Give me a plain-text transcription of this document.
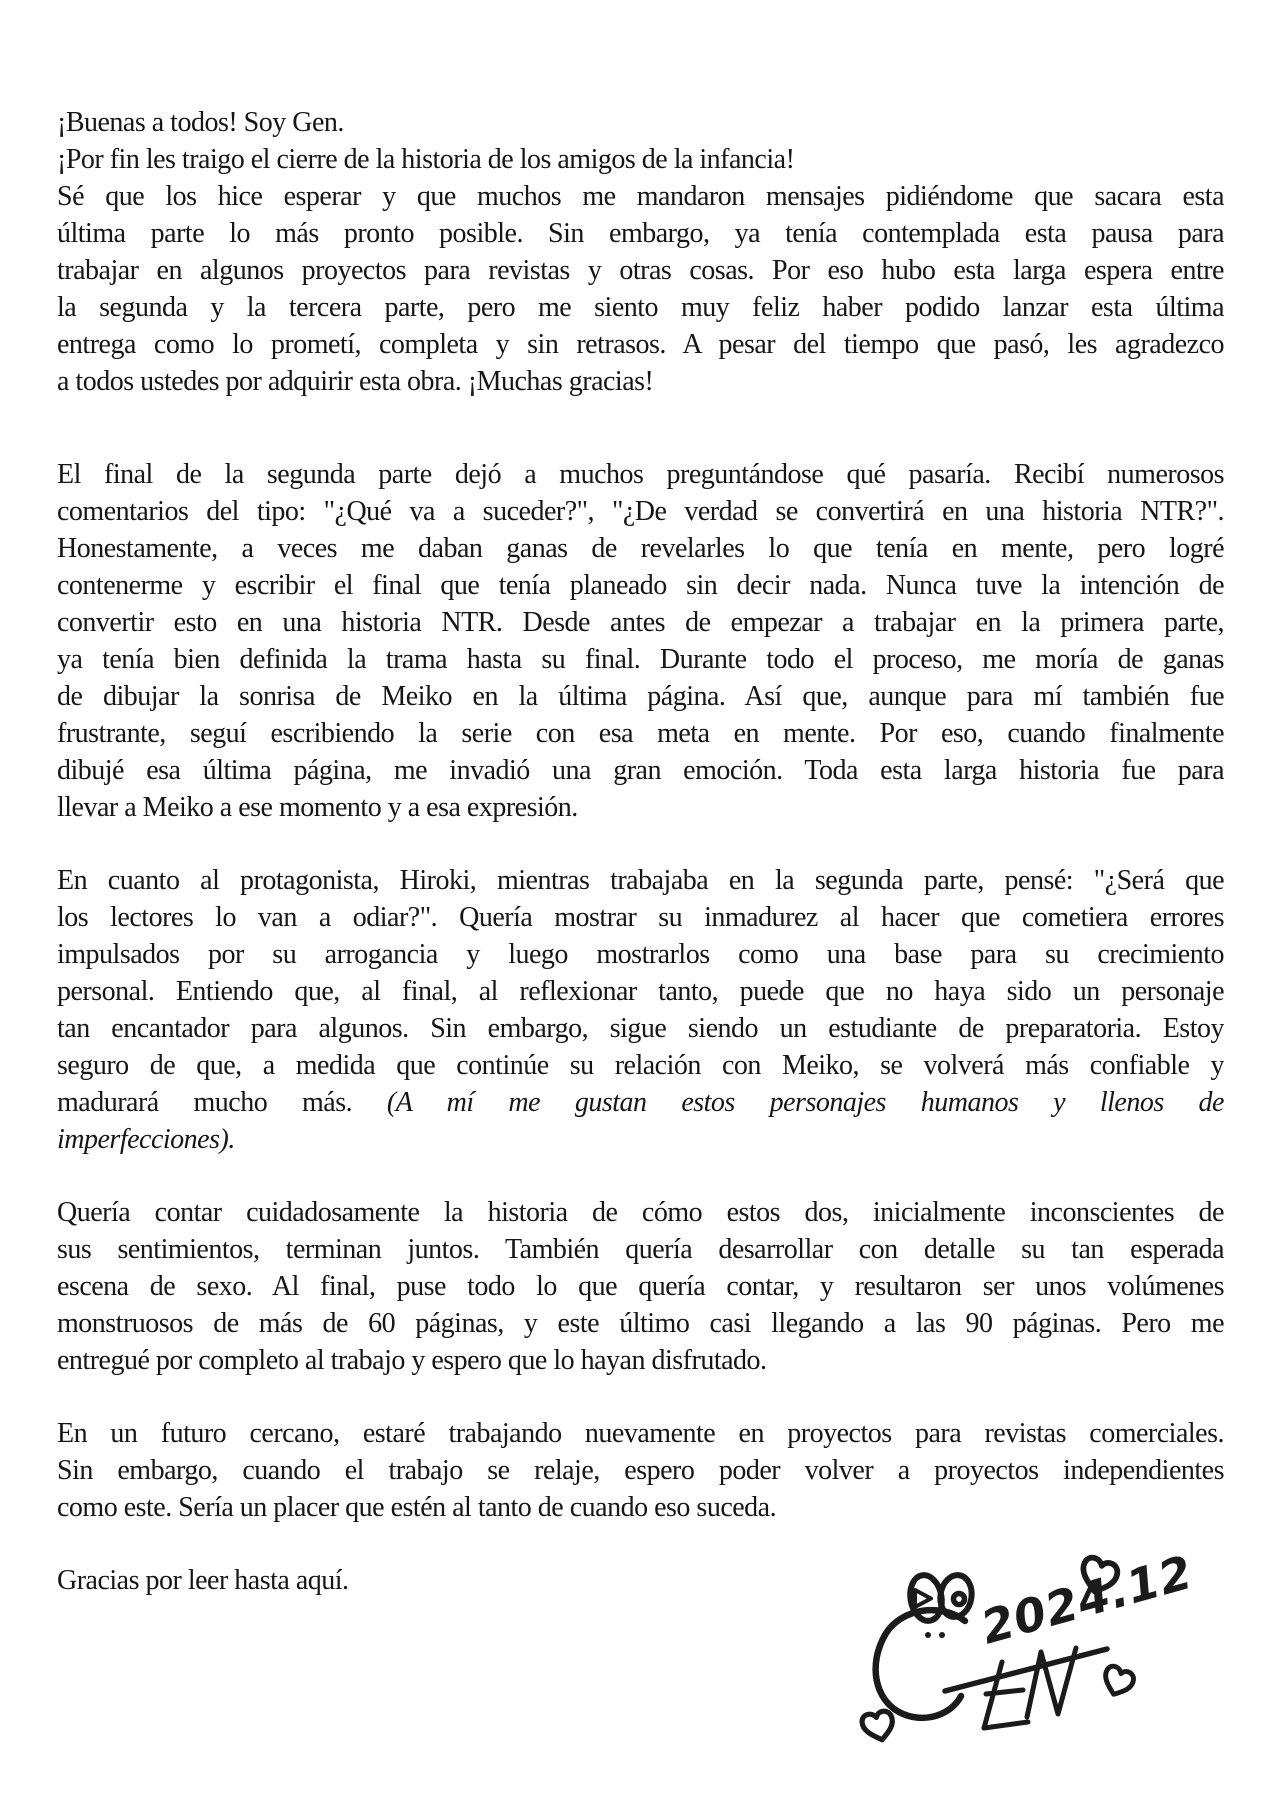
¡Buenas a todos! Soy Gen.
¡Por fin les traigo el cierre de la historia de los amigos de la infancia!
Sé que los hice esperar y que muchos me mandaron mensajes pidiéndome que sacara esta
última parte lo más pronto posible. Sin embargo, ya tenía contemplada esta pausa para
trabajar en algunos proyectos para revistas y otras cosas. Por eso hubo esta larga espera entre
la segunda y la tercera parte, pero me siento muy feliz haber podido lanzar esta última
entrega como lo prometí, completa y sin retrasos. A pesar del tiempo que pasó, les agradezco
a todos ustedes por adquirir esta obra. ¡Muchas gracias!
El final de la segunda parte dejó a muchos preguntándose qué pasaría. Recibí numerosos
comentarios del tipo: "¿Qué va a suceder?", "¿De verdad se convertirá en una historia NTR?".
Honestamente, a veces me daban ganas de revelarles lo que tenía en mente, pero logré
contenerme y escribir el final que tenía planeado sin decir nada. Nunca tuve la intención de
convertir esto en una historia NTR. Desde antes de empezar a trabajar en la primera parte,
ya tenía bien definida la trama hasta su final. Durante todo el proceso, me moría de ganas
de dibujar la sonrisa de Meiko en la última página. Así que, aunque para mí también fue
frustrante, seguí escribiendo la serie con esa meta en mente. Por eso, cuando finalmente
dibujé esa última página, me invadió una gran emoción. Toda esta larga historia fue para
llevar a Meiko a ese momento y a esa expresión.
En cuanto al protagonista, Hiroki, mientras trabajaba en la segunda parte, pensé: "¿Será que
los lectores lo van a odiar?". Quería mostrar su inmadurez al hacer que cometiera errores
impulsados por su arrogancia y luego mostrarlos como una base para su crecimiento
personal. Entiendo que, al final, al reflexionar tanto, puede que no haya sido un personaje
tan encantador para algunos. Sin embargo, sigue siendo un estudiante de preparatoria. Estoy
seguro de que, a medida que continúe su relación con Meiko, se volverá más confiable y
madurará mucho más. (A mí me gustan estos personajes humanos y llenos de
imperfecciones).
Quería contar cuidadosamente la historia de cómo estos dos, inicialmente inconscientes de
sus sentimientos, terminan juntos. También quería desarrollar con detalle su tan esperada
escena de sexo. Al final, puse todo lo que quería contar, y resultaron ser unos volúmenes
monstruosos de más de 60 páginas, y este último casi llegando a las 90 páginas. Pero me
entregué por completo al trabajo y espero que lo hayan disfrutado.
En un futuro cercano, estaré trabajando nuevamente en proyectos para revistas comerciales.
Sin embargo, cuando el trabajo se relaje, espero poder volver a proyectos independientes
como este. Sería un placer que estén al tanto de cuando eso suceda.
Gracias por leer hasta aquí.	2024.12
